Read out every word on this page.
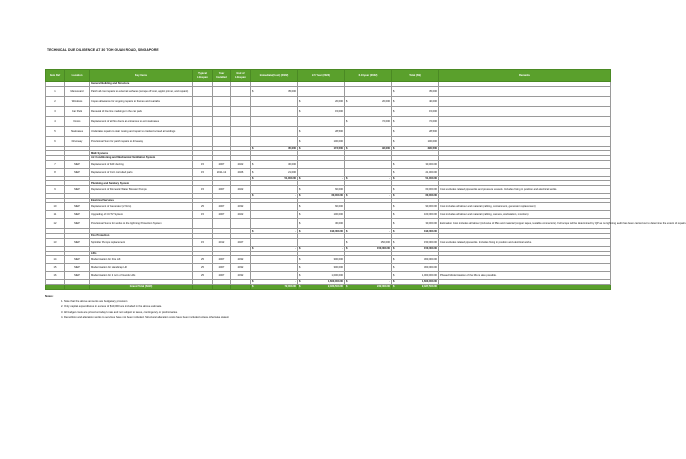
TECHNICAL DUE DILIGENCE AT 30 TOH GUAN ROAD, SINGAPORE
Item Ref	Location	Key Items	Typical Lifespan	Year Installed	End of Lifespan	Immediate(Cost) (2022)	2-5 Year (2023)	6-10year (2032)	Total (S$)	Remarks
		General Building and Structure								
1	Mansonard	Patch all cost repairs to external surfaces (scrape off cost, applic primer, and repaint)				$ 35,000			$ 35,000	

2	Windows	Copes allowance for ongoing repairs to frames and reartabs					$ 20,000	$ 20,000	$ 40,000	

3	Car Park	Renewal of line line markings in the car park					$ 15,000		$ 15,000	

4	Doors	Replacement of all fire doors at entrances to exit staircases						$ 72,000	$ 72,000	

5	Staircases	Undertake repairs to stair nosing and repair to cracked screed at landings					$ 28,500		$ 28,500	

6	Driveway	Provisional Sum for patch repairs to driveway					$ 100,000		$ 100,000	

						$ 35,000	$ 173,500	$ 92,000	$ 290,500	

		M&E Systems								
		Air Conditioning and Mechanical Ventilation System								
7	MEP	Replacement of FAF ducting	15	2007	2022	$ 30,000			$ 30,000.00	

8	MEP	Replacement of CLC corroded parts	15	2011-12	2026	$ 21,000			$ 21,000.00	

						$ 51,000.00	$ -	$ -	$ 51,000.00	

		Plumbing and Sanitary System								
9	MEP	Replacement of Domestic Water Booster Pumps	15	2007	2022		$ 60,000		$ 60,000.00	Cost excludes related pipeworks and pressure vessels. Includes fixing in position and electrical works.

						$ -	$ 60,000.00	$ -	$ 60,000.00	

		Electrical Services								
10	MEP	Replacement of Generator (2 No's)	25	2007	2032		$ 60,000		$ 90,000.00	Cost includes all labour and material (cabling, containment, generator replacement)
11	MEP	Upgrading of CCTV System	15	2007	2022		$ 100,000		$ 100,000.00	Cost includes all labour and material (cabling, camera, workstation, monitors)
12	MEP	Provisional Sums for works to the lightning Protection System					$ 30,000		$ 30,000.00	Estimation Cost includes all labour (inclusive of PEs and material (copper tapes, testable connectors). Full scope will be determined by QP as no lightning audit has been carried out to determine the extent of repairs.

						$ -	$ 190,000.00	$ -	$ 190,000.00	

		Fire Protection								
13	MEP	Sprinkler Pumps replacement	15	2012	2027			$ 150,000	$ 150,000.00	Cost excludes related pipeworks. Includes fixing in position and electrical works.

						$ -	$ -	$ 150,000.00	$ 150,000.00	

		Lifts								
14	MEP	Modernisation for Fire Lift	25	2007	2032		$ 300,000		$ 300,000.00	

15	MEP	Modernisation for Handicap Lift	25	2007	2032		$ 300,000		$ 300,000.00	

16	MEP	Modernisation for 2 no's of Goods Lifts	25	2007	2032		$ 1,000,000		$ 1,000,000.00	Phased Modernisation of the lifts is also possible.

						$ -	$ 1,600,000.00	$ -	$ 1,600,000.00	

		Grand Total (SGD)				$ 72,000.00	$ 2,023,500.00	$ 232,000.00	$ 2,327,500.00	

Notes:
1. Note that the above amounts are budgetary provision
2. Only capital expenditures in excess of $10,000 are included in the above estimate.
3. All budget costs are priced at today's rate and not subject to taxes, contingency or preliminaries.
4. Demolition and alteration works to services have not been included. Structural alteration costs have been included unless otherwise stated.
